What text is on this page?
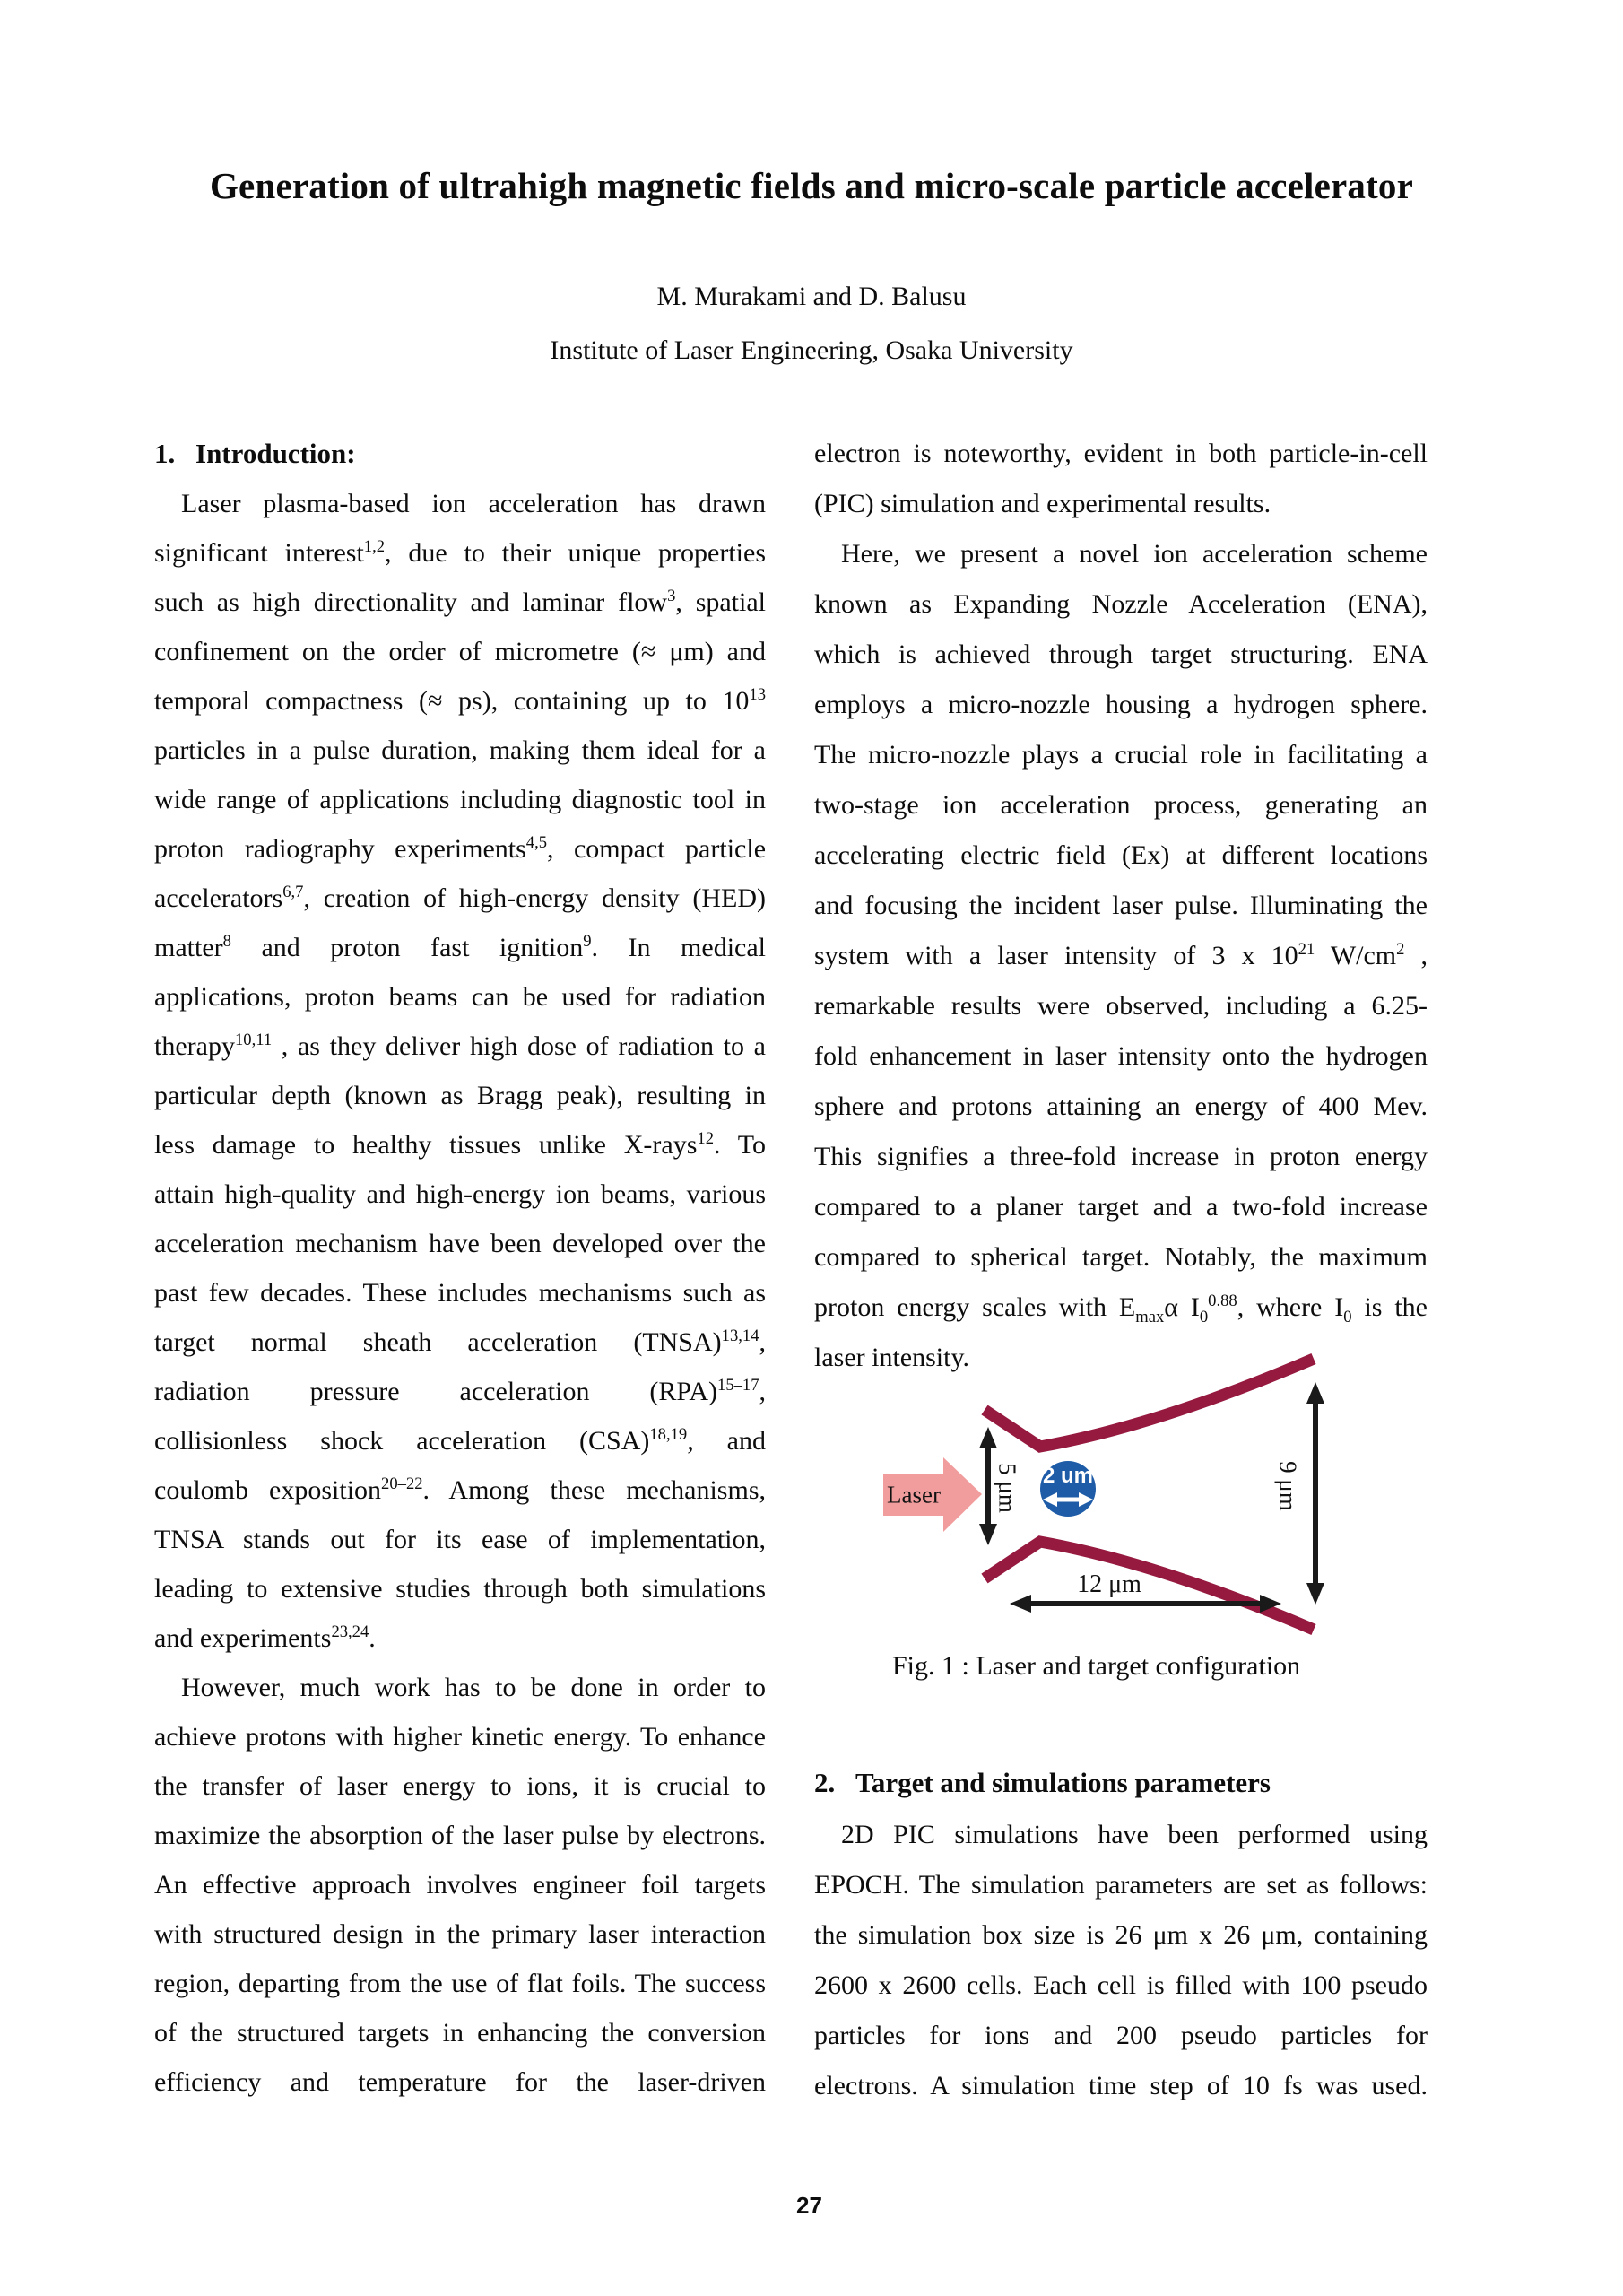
Generation of ultrahigh magnetic fields and micro-scale particle accelerator
M. Murakami and D. Balusu
Institute of Laser Engineering, Osaka University
1. Introduction:
Laser plasma-based ion acceleration has drawn
significant interest$^{1,2}$, due to their unique properties
such as high directionality and laminar flow$^3$, spatial
confinement on the order of micrometre (≈ μm) and
temporal compactness (≈ ps), containing up to $10^{13}$
particles in a pulse duration, making them ideal for a
wide range of applications including diagnostic tool in
proton radiography experiments$^{4,5}$, compact particle
accelerators$^{6,7}$, creation of high-energy density (HED)
matter$^8$ and proton fast ignition$^9$. In medical
applications, proton beams can be used for radiation
therapy$^{10,11}$ , as they deliver high dose of radiation to a
particular depth (known as Bragg peak), resulting in
less damage to healthy tissues unlike X-rays$^{12}$. To
attain high-quality and high-energy ion beams, various
acceleration mechanism have been developed over the
past few decades. These includes mechanisms such as
target normal sheath acceleration (TNSA)$^{13,14}$,
radiation pressure acceleration (RPA)$^{15-17}$,
collisionless shock acceleration (CSA)$^{18,19}$, and
coulomb exposition$^{20-22}$. Among these mechanisms,
TNSA stands out for its ease of implementation,
leading to extensive studies through both simulations
and experiments$^{23,24}$.
However, much work has to be done in order to
achieve protons with higher kinetic energy. To enhance
the transfer of laser energy to ions, it is crucial to
maximize the absorption of the laser pulse by electrons.
An effective approach involves engineer foil targets
with structured design in the primary laser interaction
region, departing from the use of flat foils. The success
of the structured targets in enhancing the conversion
efficiency and temperature for the laser-driven
electron is noteworthy, evident in both particle-in-cell
(PIC) simulation and experimental results.
Here, we present a novel ion acceleration scheme
known as Expanding Nozzle Acceleration (ENA),
which is achieved through target structuring. ENA
employs a micro-nozzle housing a hydrogen sphere.
The micro-nozzle plays a crucial role in facilitating a
two-stage ion acceleration process, generating an
accelerating electric field (Ex) at different locations
and focusing the incident laser pulse. Illuminating the
system with a laser intensity of 3 x $10^{21}$ $W/cm^2$ ,
remarkable results were observed, including a 6.25-
fold enhancement in laser intensity onto the hydrogen
sphere and protons attaining an energy of 400 Mev.
This signifies a three-fold increase in proton energy
compared to a planer target and a two-fold increase
compared to spherical target. Notably, the maximum
proton energy scales with $E_{max}\alpha$ $I_0^{0.88}$, where $I_0$ is the
laser intensity.
Fig. 1 : Laser and target configuration
2. Target and simulations parameters
2D PIC simulations have been performed using
EPOCH. The simulation parameters are set as follows:
the simulation box size is 26 μm x 26 μm, containing
2600 x 2600 cells. Each cell is filled with 100 pseudo
particles for ions and 200 pseudo particles for
electrons. A simulation time step of 10 fs was used.
Laser 5 μm 2 um	9 μm
12 μm
27
